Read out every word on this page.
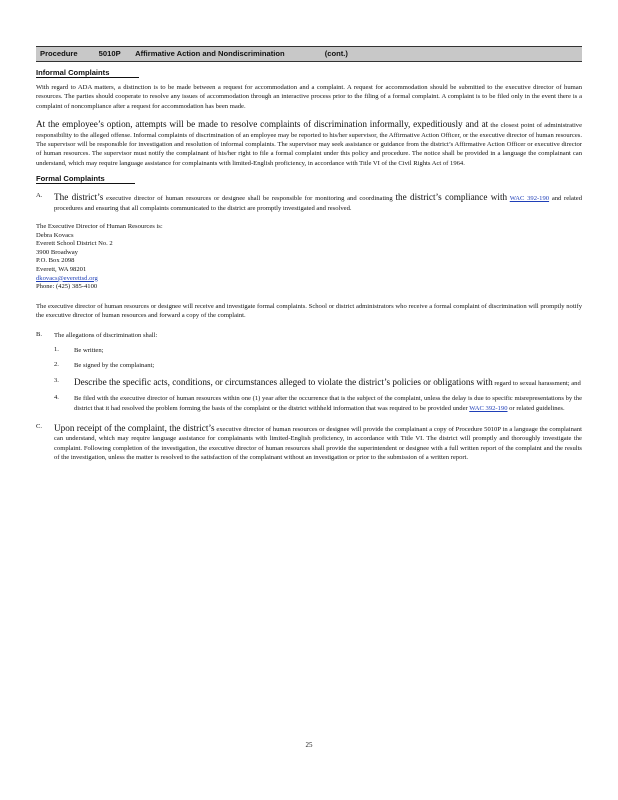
Procedure	5010P Affirmative Action and Nondiscrimination	(cont.)
Informal Complaints

With regard to ADA matters, a distinction is to be made between a request for accommodation and a complaint. A request for accommodation should be submitted to the executive director of human resources. The parties should cooperate to resolve any issues of accommodation through an interactive process prior to the filing of a formal complaint. A complaint is to be filed only in the event there is a complaint of noncompliance after a request for accommodation has been made.

At the employee’s option, attempts will be made to resolve complaints of discrimination informally, expeditiously and at the closest point of administrative responsibility to the alleged offense. Informal complaints of discrimination of an employee may be reported to his/her supervisor, the Affirmative Action Officer, or the executive director of human resources. The supervisor will be responsible for investigation and resolution of informal complaints. The supervisor may seek assistance or guidance from the district’s Affirmative Action Officer or executive director of human resources. The supervisor must notify the complainant of his/her right to file a formal complaint under this policy and procedure. The notice shall be provided in a language the complainant can understand, which may require language assistance for complainants with limited-English proficiency, in accordance with Title VI of the Civil Rights Act of 1964.

Formal Complaints
A. The district’s executive director of human resources or designee shall be responsible for monitoring and coordinating the district’s compliance with WAC 392-190 and related procedures and ensuring that all complaints communicated to the district are promptly investigated and resolved.

The Executive Director of Human Resources is:

Debra Kovacs

Everett School District No. 2

3900 Broadway

P.O. Box 2098

Everett, WA 98201

dkovacs@everettsd.org

Phone: (425) 385-4100

The executive director of human resources or designee will receive and investigate formal complaints. School or district administrators who receive a formal complaint of discrimination will promptly notify the executive director of human resources and forward a copy of the complaint.

B. The allegations of discrimination shall:

1. Be written;

2. Be signed by the complainant;

3. Describe the specific acts, conditions, or circumstances alleged to violate the district’s policies or obligations with regard to sexual harassment; and

4. Be filed with the executive director of human resources within one (1) year after the occurrence that is the subject of the complaint, unless the delay is due to specific misrepresentations by the district that it had resolved the problem forming the basis of the complaint or the district withheld information that was required to be provided under WAC 392-190 or related guidelines.

C. Upon receipt of the complaint, the district’s executive director of human resources or designee will provide the complainant a copy of Procedure 5010P in a language the complainant can understand, which may require language assistance for complainants with limited-English proficiency, in accordance with Title VI. The district will promptly and thoroughly investigate the complaint. Following completion of the investigation, the executive director of human resources shall provide the superintendent or designee with a full written report of the complaint and the results of the investigation, unless the matter is resolved to the satisfaction of the complainant without an investigation or prior to the submission of a written report.

25
